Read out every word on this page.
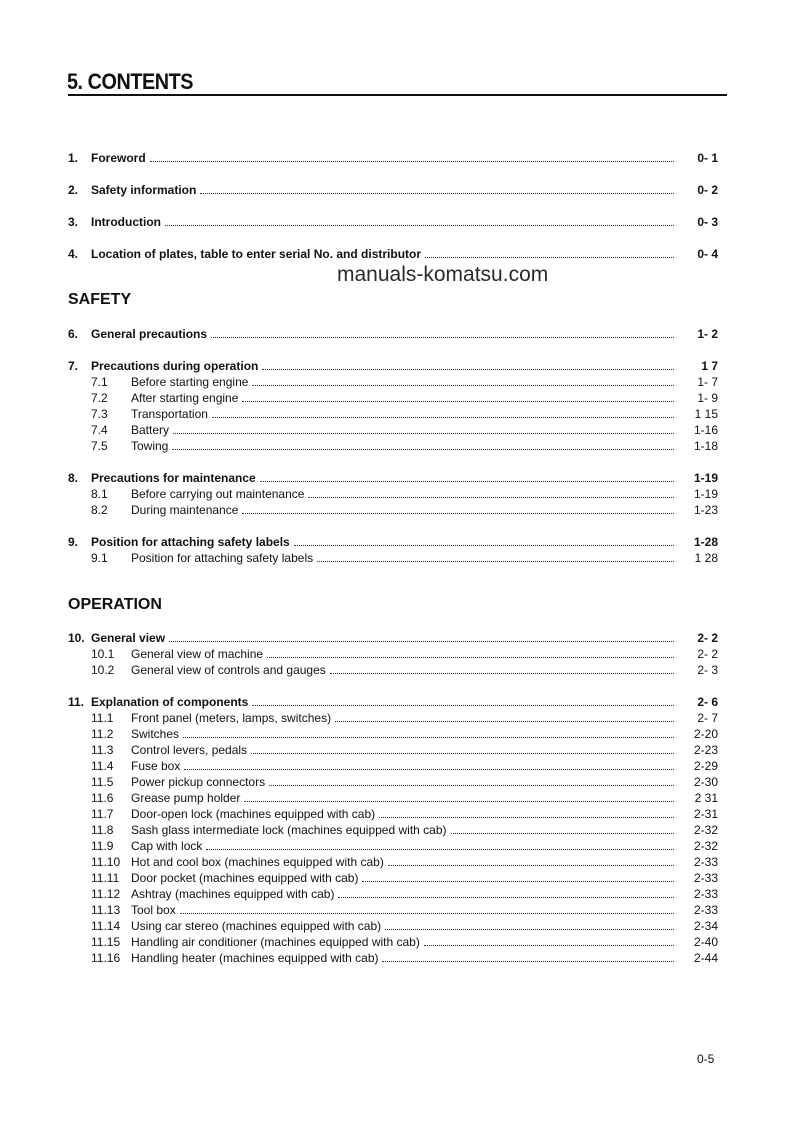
5. CONTENTS
SAFETY
OPERATION
1.	Foreword	0- 1
2.	Safety information	0- 2
3.	Introduction	0- 3
4.	Location of plates, table to enter serial No. and distributor	0- 4
6.	General precautions	1- 2
7.	Precautions during operation	1 7
7.1	Before starting engine	1- 7
7.2	After starting engine	1- 9
7.3	Transportation	1 15
7.4	Battery	1-16
7.5	Towing	1-18
8.	Precautions for maintenance	1-19
8.1	Before carrying out maintenance	1-19
8.2	During maintenance	1-23
9.	Position for attaching safety labels	1-28
9.1	Position for attaching safety labels	1 28
10. General view	2- 2
10.1	General view of machine	2- 2
10.2	General view of controls and gauges	2- 3
11. Explanation of components	2- 6
11.1	Front panel (meters, lamps, switches)	2- 7
11.2	Switches	2-20
11.3	Control levers, pedals	2-23
11.4	Fuse box	2-29
11.5	Power pickup connectors	2-30
11.6	Grease pump holder	2 31
11.7	Door-open lock (machines equipped with cab)	2-31
11.8	Sash glass intermediate lock (machines equipped with cab)	2-32
11.9	Cap with lock	2-32
11.10 Hot and cool box (machines equipped with cab)	2-33
11.11 Door pocket (machines equipped with cab)	2-33
11.12 Ashtray (machines equipped with cab)	2-33
11.13 Tool box	2-33
11.14 Using car stereo (machines equipped with cab)	2-34
11.15 Handling air conditioner (machines equipped with cab)	2-40
11.16 Handling heater (machines equipped with cab)	2-44
manuals-komatsu.com
0-5
